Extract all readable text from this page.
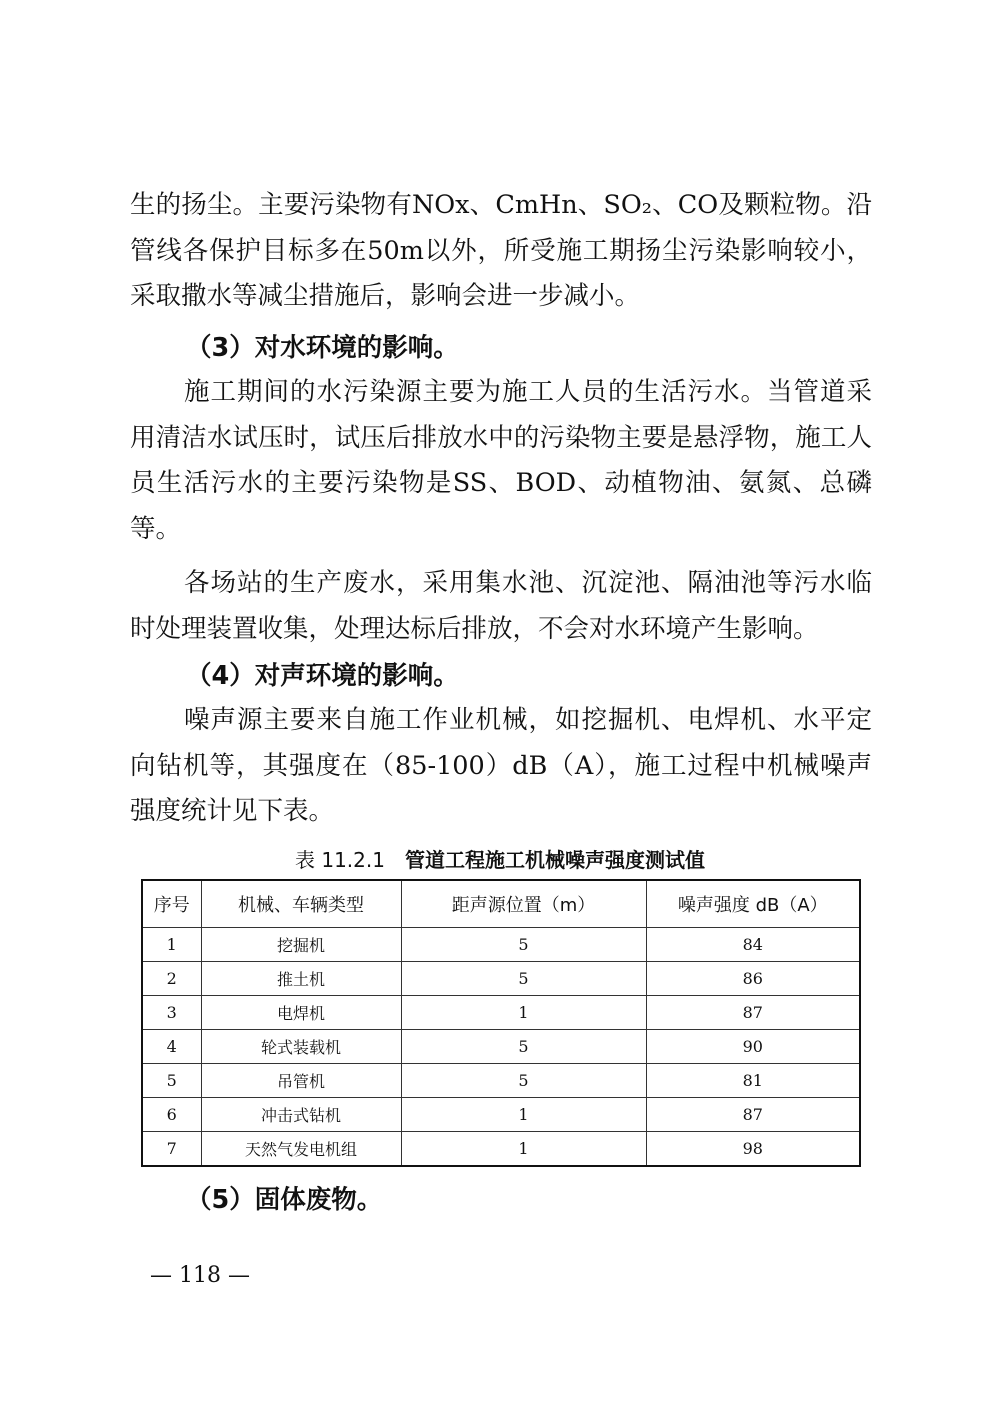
生的扬尘。主要污染物有NOx、CmHn、SO₂、CO及颗粒物。沿管线各保护目标多在50m以外，所受施工期扬尘污染影响较小，采取撒水等减尘措施后，影响会进一步减小。

（3）对水环境的影响。

施工期间的水污染源主要为施工人员的生活污水。当管道采用清洁水试压时，试压后排放水中的污染物主要是悬浮物，施工人员生活污水的主要污染物是SS、BOD、动植物油、氨氮、总磷等。

各场站的生产废水，采用集水池、沉淀池、隔油池等污水临时处理装置收集，处理达标后排放，不会对水环境产生影响。

（4）对声环境的影响。

噪声源主要来自施工作业机械，如挖掘机、电焊机、水平定向钻机等，其强度在（85-100）dB（A），施工过程中机械噪声强度统计见下表。

表 11.2.1 管道工程施工机械噪声强度测试值
序号	机械、车辆类型	距声源位置（m）	噪声强度 dB（A）
1	挖掘机	5	84
2	推土机	5	86
3	电焊机	1	87
4	轮式装载机	5	90
5	吊管机	5	81
6	冲击式钻机	1	87
7	天然气发电机组	1	98

（5）固体废物。

— 118 —
